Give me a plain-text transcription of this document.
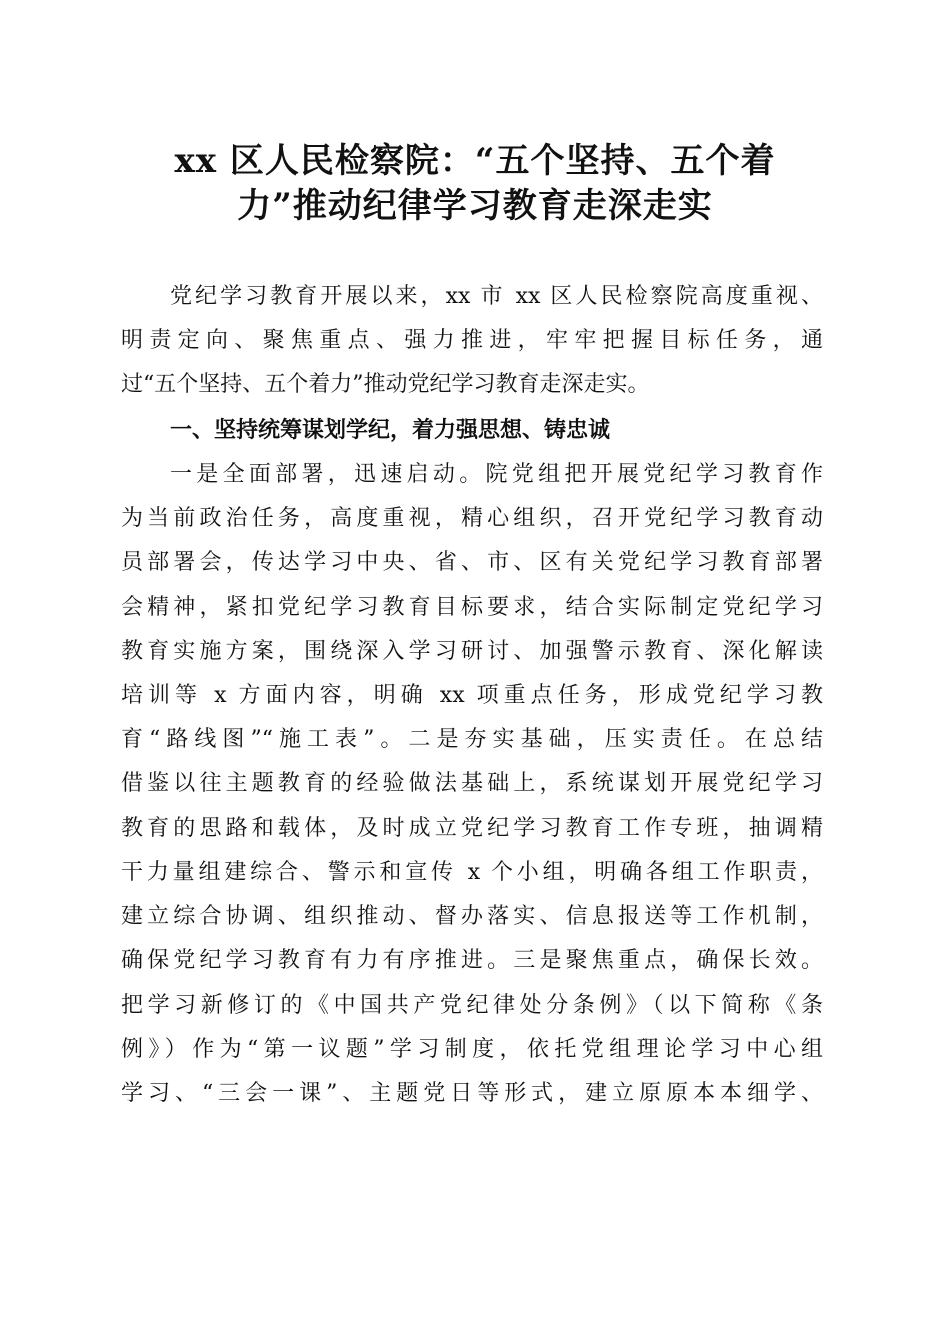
xx 区人民检察院：“五个坚持、五个着
力”推动纪律学习教育走深走实

党纪学习教育开展以来，xx 市 xx 区人民检察院高度重视、

明责定向、聚焦重点、强力推进，牢牢把握目标任务，通

过“五个坚持、五个着力”推动党纪学习教育走深走实。

一、坚持统筹谋划学纪，着力强思想、铸忠诚

一是全面部署，迅速启动。院党组把开展党纪学习教育作

为当前政治任务，高度重视，精心组织，召开党纪学习教育动

员部署会，传达学习中央、省、市、区有关党纪学习教育部署

会精神，紧扣党纪学习教育目标要求，结合实际制定党纪学习

教育实施方案，围绕深入学习研讨、加强警示教育、深化解读

培训等 x 方面内容，明确 xx 项重点任务，形成党纪学习教

育“路线图”“施工表”。二是夯实基础，压实责任。在总结

借鉴以往主题教育的经验做法基础上，系统谋划开展党纪学习

教育的思路和载体，及时成立党纪学习教育工作专班，抽调精

干力量组建综合、警示和宣传 x 个小组，明确各组工作职责，

建立综合协调、组织推动、督办落实、信息报送等工作机制，

确保党纪学习教育有力有序推进。三是聚焦重点，确保长效。

把学习新修订的《中国共产党纪律处分条例》（以下简称《条

例》）作为“第一议题”学习制度，依托党组理论学习中心组

学习、“三会一课”、主题党日等形式，建立原原本本细学、
